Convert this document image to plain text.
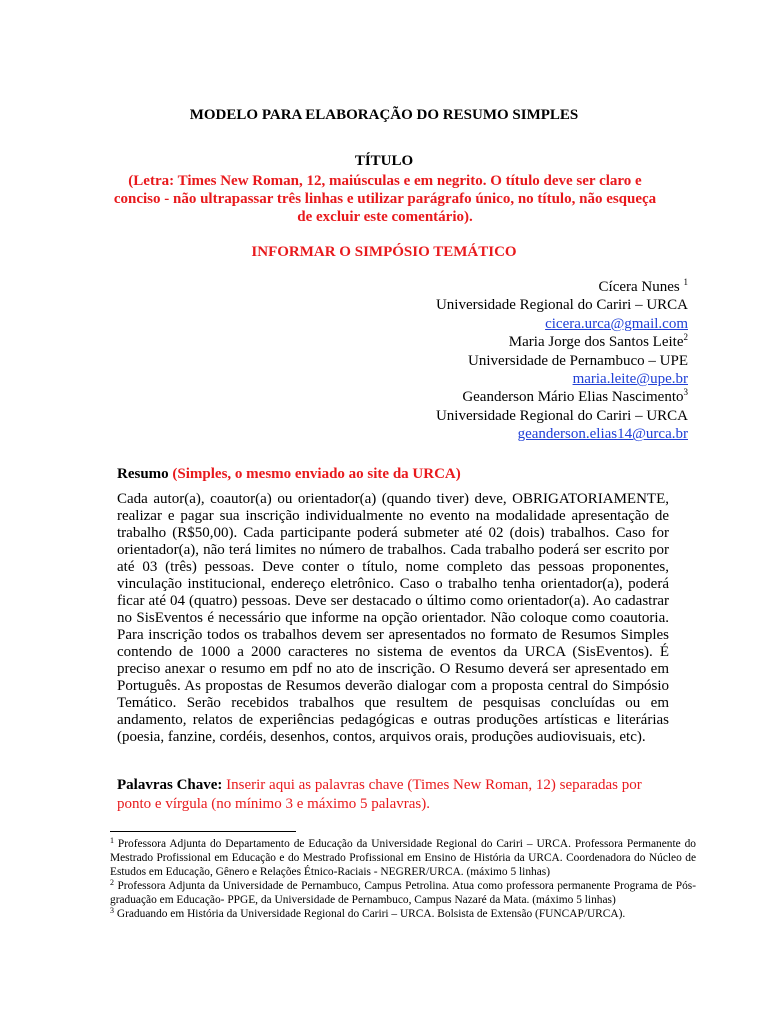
MODELO PARA ELABORAÇÃO DO RESUMO SIMPLES
TÍTULO
(Letra: Times New Roman, 12, maiúsculas e em negrito. O título deve ser claro e conciso - não ultrapassar três linhas e utilizar parágrafo único, no título, não esqueça de excluir este comentário).
INFORMAR O SIMPÓSIO TEMÁTICO
Cícera Nunes $^1$
Universidade Regional do Cariri – URCA
cicera.urca@gmail.com
Maria Jorge dos Santos Leite$^2$
Universidade de Pernambuco – UPE
maria.leite@upe.br
Geanderson Mário Elias Nascimento$^3$
Universidade Regional do Cariri – URCA
geanderson.elias14@urca.br
Resumo (Simples, o mesmo enviado ao site da URCA)
Cada autor(a), coautor(a) ou orientador(a) (quando tiver) deve, OBRIGATORIAMENTE, realizar e pagar sua inscrição individualmente no evento na modalidade apresentação de trabalho (R$50,00). Cada participante poderá submeter até 02 (dois) trabalhos. Caso for orientador(a), não terá limites no número de trabalhos. Cada trabalho poderá ser escrito por até 03 (três) pessoas. Deve conter o título, nome completo das pessoas proponentes, vinculação institucional, endereço eletrônico. Caso o trabalho tenha orientador(a), poderá ficar até 04 (quatro) pessoas. Deve ser destacado o último como orientador(a). Ao cadastrar no SisEventos é necessário que informe na opção orientador. Não coloque como coautoria. Para inscrição todos os trabalhos devem ser apresentados no formato de Resumos Simples contendo de 1000 a 2000 caracteres no sistema de eventos da URCA (SisEventos). É preciso anexar o resumo em pdf no ato de inscrição. O Resumo deverá ser apresentado em Português. As propostas de Resumos deverão dialogar com a proposta central do Simpósio Temático. Serão recebidos trabalhos que resultem de pesquisas concluídas ou em andamento, relatos de experiências pedagógicas e outras produções artísticas e literárias (poesia, fanzine, cordéis, desenhos, contos, arquivos orais, produções audiovisuais, etc).
Palavras Chave: Inserir aqui as palavras chave (Times New Roman, 12) separadas por ponto e vírgula (no mínimo 3 e máximo 5 palavras).

$^1$ Professora Adjunta do Departamento de Educação da Universidade Regional do Cariri – URCA. Professora Permanente do Mestrado Profissional em Educação e do Mestrado Profissional em Ensino de História da URCA. Coordenadora do Núcleo de Estudos em Educação, Gênero e Relações Étnico-Raciais - NEGRER/URCA. (máximo 5 linhas)

$^2$ Professora Adjunta da Universidade de Pernambuco, Campus Petrolina. Atua como professora permanente Programa de Pós-graduação em Educação- PPGE, da Universidade de Pernambuco, Campus Nazaré da Mata. (máximo 5 linhas)

$^3$ Graduando em História da Universidade Regional do Cariri – URCA. Bolsista de Extensão (FUNCAP/URCA).
